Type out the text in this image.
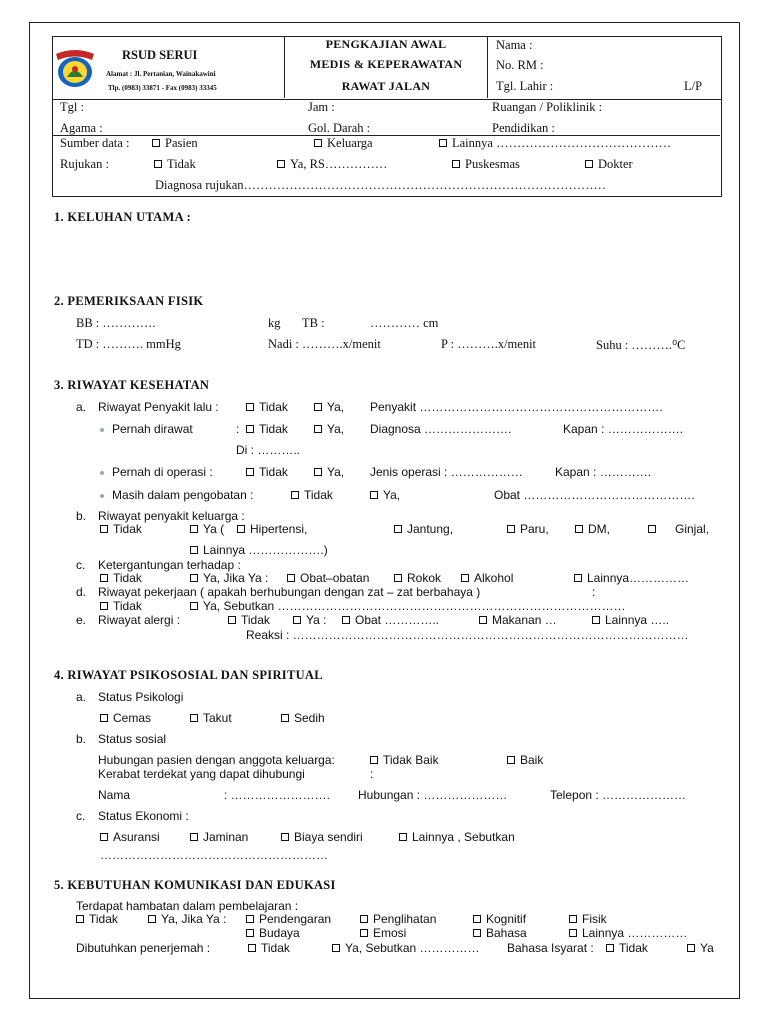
RSUD SERUI
Alamat : Jl. Pertanian, Wainakawini
Tlp. (0983) 33871 - Fax (0983) 33345
PENGKAJIAN AWAL
MEDIS & KEPERAWATAN
RAWAT JALAN
Nama :
No. RM :
Tgl. Lahir :	L/P
Tgl :	Jam :	Ruangan / Poliklinik :
Agama :	Gol. Darah :	Pendidikan :
Sumber data :	Pasien	Keluarga	Lainnya ……………………………………
Rujukan :	Tidak	Ya, RS……………	Puskesmas	Dokter
Diagnosa rujukan……………………………………………………………………………
1. KELUHAN UTAMA :
2. PEMERIKSAAN FISIK
BB : ………….	kg TB :	………… cm
TD : ………. mmHg	Nadi : ……….x/menit	P : ……….x/menit	Suhu : ……….⁰C
3. RIWAYAT KESEHATAN
a. Riwayat Penyakit lalu :	Tidak	Ya, Penyakit …………………………………………………….
Pernah dirawat	:	Tidak	Ya, Diagnosa ………………….	Kapan : ……………….
Di : ………..
Pernah di operasi :	Tidak	Ya, Jenis operasi : ………………	Kapan : ………….
Masih dalam pengobatan :	Tidak	Ya,	Obat …………………………………….
b. Riwayat penyakit keluarga :
Tidak	Ya (	Hipertensi,	Jantung,	Paru,	DM,	Ginjal,
Lainnya ……………….)
c. Ketergantungan terhadap :
Tidak	Ya, Jika Ya :	Obat–obatan	Rokok	Alkohol	Lainnya……………
d. Riwayat pekerjaan ( apakah berhubungan dengan zat – zat berbahaya )	:
Tidak	Ya, Sebutkan ……………………………………………………………………………
e. Riwayat alergi :	Tidak	Ya :	Obat …………..	Makanan …	Lainnya …..
Reaksi : ………………………………………………………………………………………
4. RIWAYAT PSIKOSOSIAL DAN SPIRITUAL
a. Status Psikologi
Cemas	Takut	Sedih
b. Status sosial
Hubungan pasien dengan anggota keluarga:	Tidak Baik	Baik
Kerabat terdekat yang dapat dihubungi	:
Nama	: ……………………. Hubungan : …………………	Telepon : …………………
c. Status Ekonomi :
Asuransi	Jaminan	Biaya sendiri	Lainnya , Sebutkan
…………………………………………………
5. KEBUTUHAN KOMUNIKASI DAN EDUKASI
Terdapat hambatan dalam pembelajaran :
Tidak	Ya, Jika Ya :	Pendengaran	Penglihatan	Kognitif	Fisik
Budaya	Emosi	Bahasa	Lainnya ……………
Dibutuhkan penerjemah :	Tidak	Ya, Sebutkan …………… Bahasa Isyarat :	Tidak	Ya
